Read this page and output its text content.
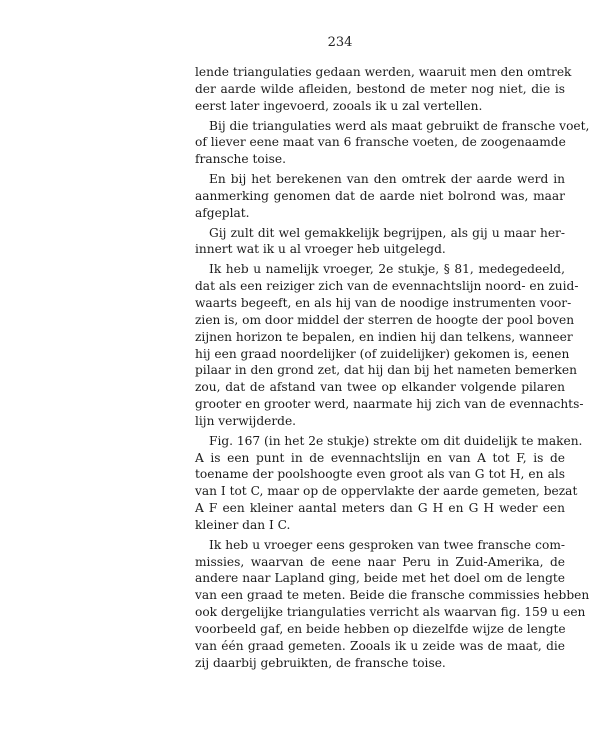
234
lende triangulaties gedaan werden, waaruit men den omtrek
der aarde wilde afleiden, bestond de meter nog niet, die is
eerst later ingevoerd, zooals ik u zal vertellen.
Bij die triangulaties werd als maat gebruikt de fransche voet,
of liever eene maat van 6 fransche voeten, de zoogenaamde
fransche toise.
En bij het berekenen van den omtrek der aarde werd in
aanmerking genomen dat de aarde niet bolrond was, maar
afgeplat.
Gij zult dit wel gemakkelijk begrijpen, als gij u maar her-
innert wat ik u al vroeger heb uitgelegd.
Ik heb u namelijk vroeger, 2e stukje, § 81, medegedeeld,
dat als een reiziger zich van de evennachtslijn noord- en zuid-
waarts begeeft, en als hij van de noodige instrumenten voor-
zien is, om door middel der sterren de hoogte der pool boven
zijnen horizon te bepalen, en indien hij dan telkens, wanneer
hij een graad noordelijker (of zuidelijker) gekomen is, eenen
pilaar in den grond zet, dat hij dan bij het nameten bemerken
zou, dat de afstand van twee op elkander volgende pilaren
grooter en grooter werd, naarmate hij zich van de evennachts-
lijn verwijderde.
Fig. 167 (in het 2e stukje) strekte om dit duidelijk te maken.
A is een punt in de evennachtslijn en van A tot F, is de
toename der poolshoogte even groot als van G tot H, en als
van I tot C, maar op de oppervlakte der aarde gemeten, bezat
A F een kleiner aantal meters dan G H en G H weder een
kleiner dan I C.
Ik heb u vroeger eens gesproken van twee fransche com-
missies, waarvan de eene naar Peru in Zuid-Amerika, de
andere naar Lapland ging, beide met het doel om de lengte
van een graad te meten. Beide die fransche commissies hebben
ook dergelijke triangulaties verricht als waarvan fig. 159 u een
voorbeeld gaf, en beide hebben op diezelfde wijze de lengte
van één graad gemeten. Zooals ik u zeide was de maat, die
zij daarbij gebruikten, de fransche toise.
